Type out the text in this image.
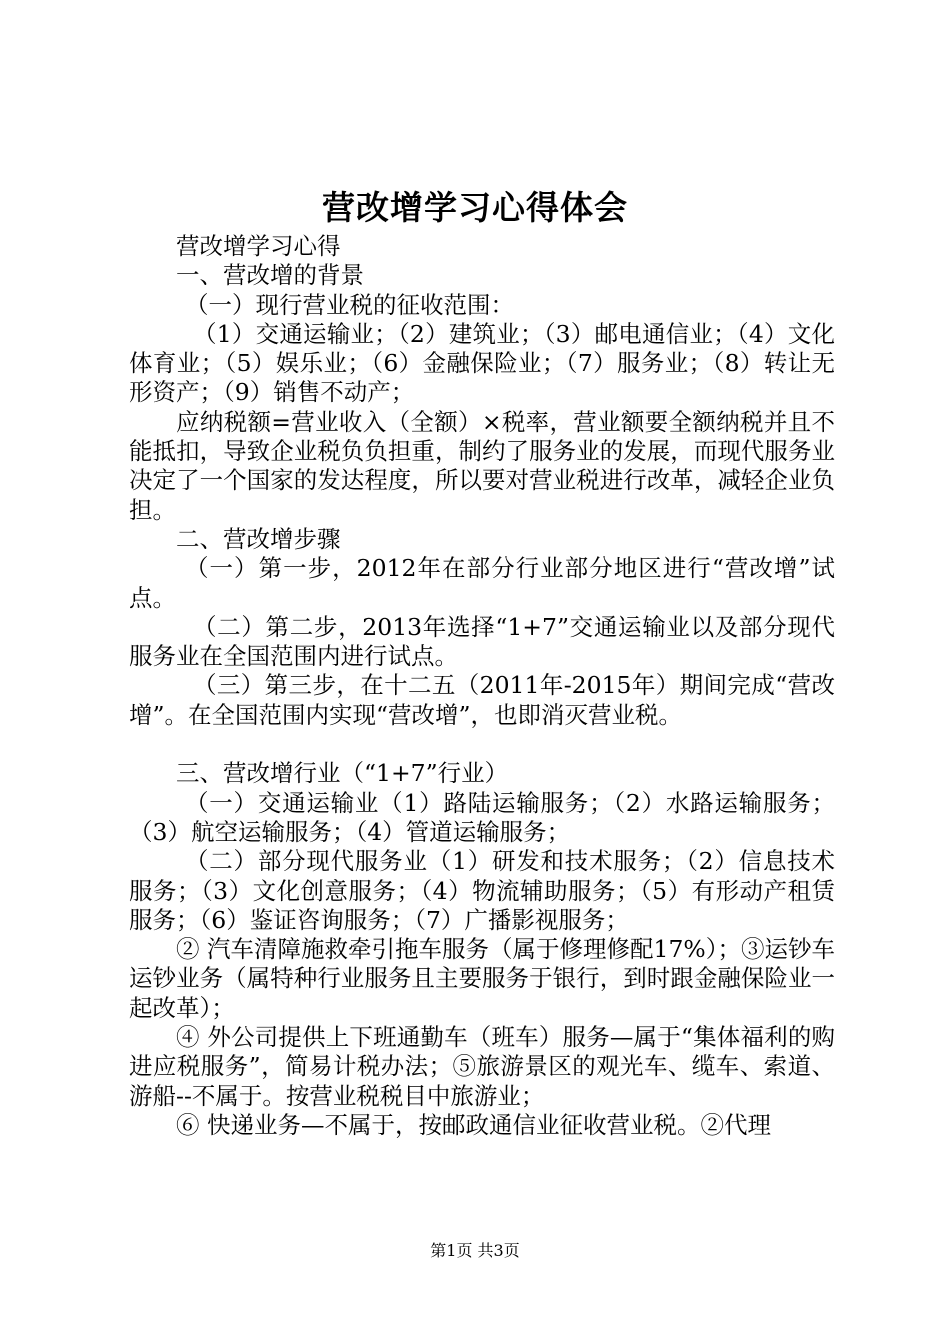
营改增学习心得体会

营改增学习心得

一、营改增的背景

（一）现行营业税的征收范围：

（1）交通运输业；（2）建筑业；（3）邮电通信业；（4）文化体育业；（5）娱乐业；（6）金融保险业；（7）服务业；（8）转让无形资产；（9）销售不动产；

应纳税额=营业收入（全额）×税率，营业额要全额纳税并且不能抵扣，导致企业税负负担重，制约了服务业的发展，而现代服务业决定了一个国家的发达程度，所以要对营业税进行改革，减轻企业负担。

二、营改增步骤

（一）第一步，2012年在部分行业部分地区进行“营改增”试点。

（二）第二步，2013年选择“1+7”交通运输业以及部分现代服务业在全国范围内进行试点。

（三）第三步，在十二五（2011年-2015年）期间完成“营改增”。在全国范围内实现“营改增”，也即消灭营业税。

三、营改增行业（“1+7”行业）

（一）交通运输业（1）路陆运输服务；（2）水路运输服务；（3）航空运输服务；（4）管道运输服务；

（二）部分现代服务业（1）研发和技术服务；（2）信息技术服务；（3）文化创意服务；（4）物流辅助服务；（5）有形动产租赁服务；（6）鉴证咨询服务；（7）广播影视服务；

② 汽车清障施救牵引拖车服务（属于修理修配17%）；③运钞车运钞业务（属特种行业服务且主要服务于银行，到时跟金融保险业一起改革）；

④ 外公司提供上下班通勤车（班车）服务—属于“集体福利的购进应税服务”，简易计税办法；⑤旅游景区的观光车、缆车、索道、游船--不属于。按营业税税目中旅游业；

⑥ 快递业务—不属于，按邮政通信业征收营业税。②代理

第1页 共3页
